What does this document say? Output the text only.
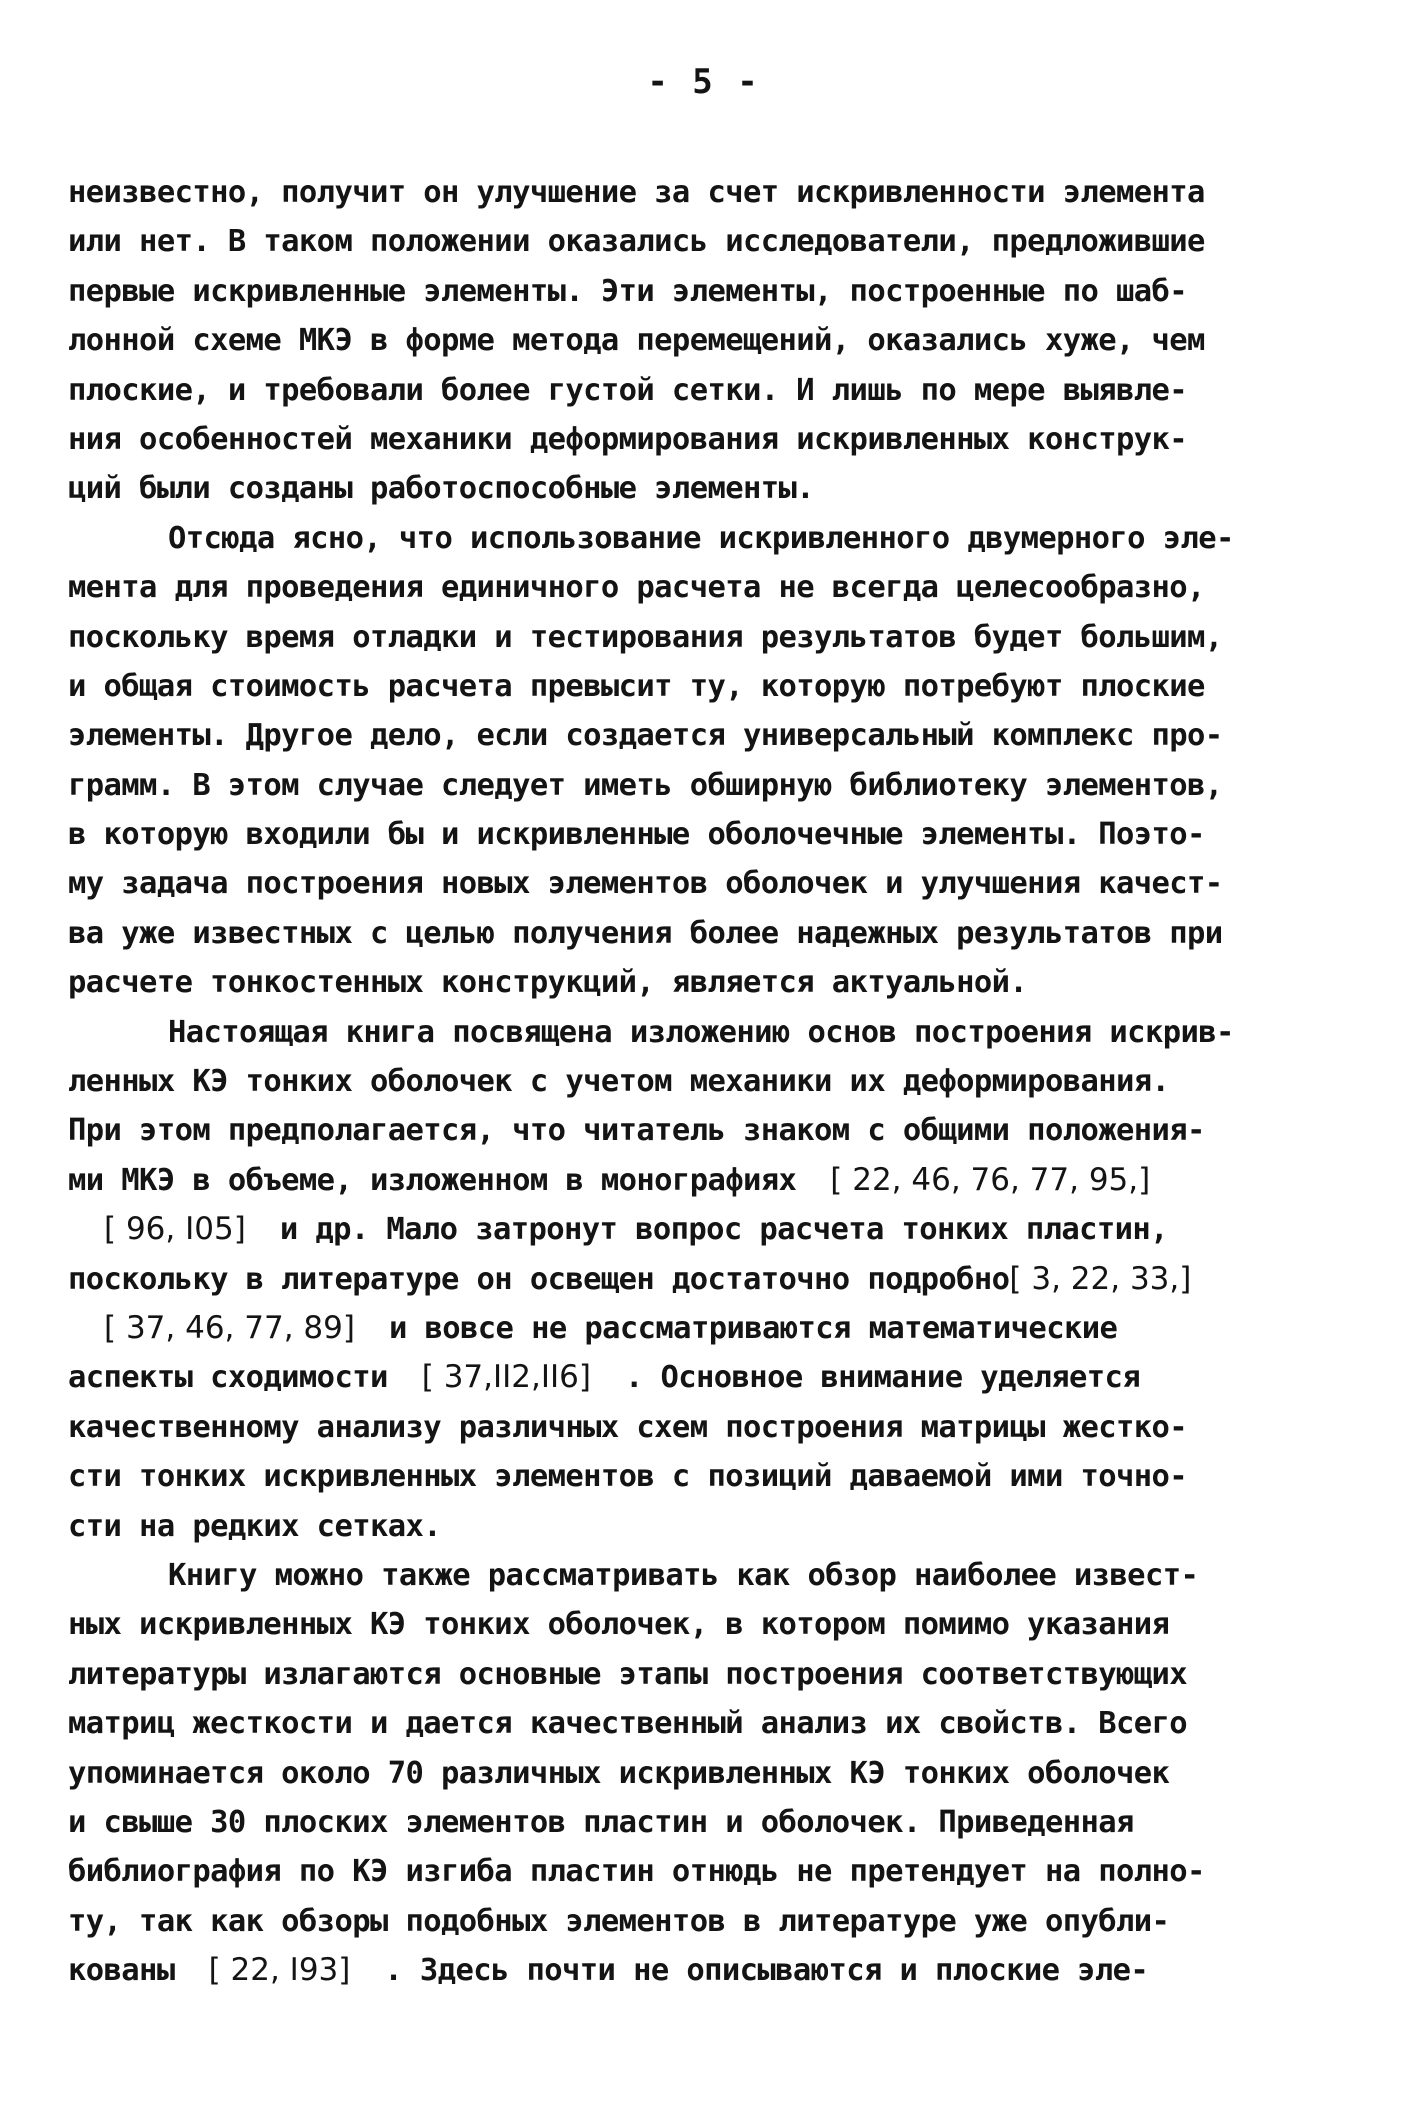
- 5 -
неизвестно, получит он улучшение за счет искривленности элемента
или нет. В таком положении оказались исследователи, предложившие
первые искривленные элементы. Эти элементы, построенные по шаб-
лонной схеме МКЭ в форме метода перемещений, оказались хуже, чем
плоские, и требовали более густой сетки. И лишь по мере выявле-
ния особенностей механики деформирования искривленных конструк-
ций были созданы работоспособные элементы.
Отсюда ясно, что использование искривленного двумерного эле-
мента для проведения единичного расчета не всегда целесообразно,
поскольку время отладки и тестирования результатов будет большим,
и общая стоимость расчета превысит ту, которую потребуют плоские
элементы. Другое дело, если создается универсальный комплекс про-
грамм. В этом случае следует иметь обширную библиотеку элементов,
в которую входили бы и искривленные оболочечные элементы. Поэто-
му задача построения новых элементов оболочек и улучшения качест-
ва уже известных с целью получения более надежных результатов при
расчете тонкостенных конструкций, является актуальной.
Настоящая книга посвящена изложению основ построения искрив-
ленных КЭ тонких оболочек с учетом механики их деформирования.
При этом предполагается, что читатель знаком с общими положения-
ми МКЭ в объеме, изложенном в монографиях [ 22, 46, 76, 77, 95, ]
[ 96, I05 ] и др. Мало затронут вопрос расчета тонких пластин,
поскольку в литературе он освещен достаточно подробно [ 3, 22, 33, ]
[ 37, 46, 77, 89 ] и вовсе не рассматриваются математические
аспекты сходимости [ 37,II2,II6 ] . Основное внимание уделяется
качественному анализу различных схем построения матрицы жестко-
сти тонких искривленных элементов с позиций даваемой ими точно-
сти на редких сетках.
Книгу можно также рассматривать как обзор наиболее извест-
ных искривленных КЭ тонких оболочек, в котором помимо указания
литературы излагаются основные этапы построения соответствующих
матриц жесткости и дается качественный анализ их свойств. Всего
упоминается около 70 различных искривленных КЭ тонких оболочек
и свыше 30 плоских элементов пластин и оболочек. Приведенная
библиография по КЭ изгиба пластин отнюдь не претендует на полно-
ту, так как обзоры подобных элементов в литературе уже опубли-
кованы [ 22, I93 ] . Здесь почти не описываются и плоские эле-
